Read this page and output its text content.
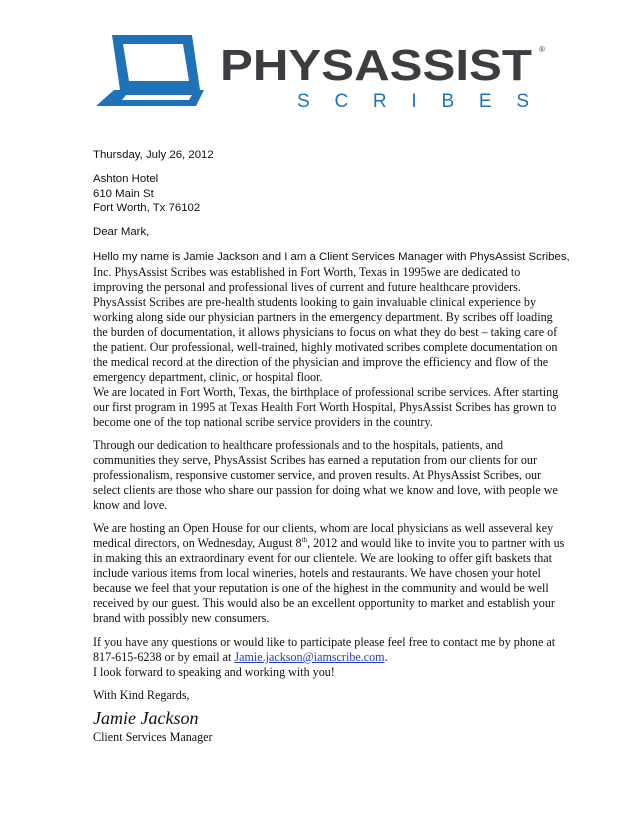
PHYS ASSIST	®
S C R I B E S
Thursday, July 26, 2012
Ashton Hotel
610 Main St
Fort Worth, Tx 76102
Dear Mark,
Hello my name is Jamie Jackson and I am a Client Services Manager with PhysAssist Scribes,
Inc. PhysAssist Scribes was established in Fort Worth, Texas in 1995we are dedicated to
improving the personal and professional lives of current and future healthcare providers.
PhysAssist Scribes are pre-health students looking to gain invaluable clinical experience by
working along side our physician partners in the emergency department. By scribes off loading
the burden of documentation, it allows physicians to focus on what they do best – taking care of
the patient. Our professional, well-trained, highly motivated scribes complete documentation on
the medical record at the direction of the physician and improve the efficiency and flow of the
emergency department, clinic, or hospital floor.
We are located in Fort Worth, Texas, the birthplace of professional scribe services. After starting
our first program in 1995 at Texas Health Fort Worth Hospital, PhysAssist Scribes has grown to
become one of the top national scribe service providers in the country.
Through our dedication to healthcare professionals and to the hospitals, patients, and
communities they serve, PhysAssist Scribes has earned a reputation from our clients for our
professionalism, responsive customer service, and proven results. At PhysAssist Scribes, our
select clients are those who share our passion for doing what we know and love, with people we
know and love.
We are hosting an Open House for our clients, whom are local physicians as well asseveral key
medical directors, on Wednesday, August 8th, 2012 and would like to invite you to partner with us
in making this an extraordinary event for our clientele. We are looking to offer gift baskets that
include various items from local wineries, hotels and restaurants. We have chosen your hotel
because we feel that your reputation is one of the highest in the community and would be well
received by our guest. This would also be an excellent opportunity to market and establish your
brand with possibly new consumers.
If you have any questions or would like to participate please feel free to contact me by phone at
817-615-6238 or by email at Jamie.jackson@iamscribe.com.
I look forward to speaking and working with you!
With Kind Regards,
Jamie Jackson
Client Services Manager
